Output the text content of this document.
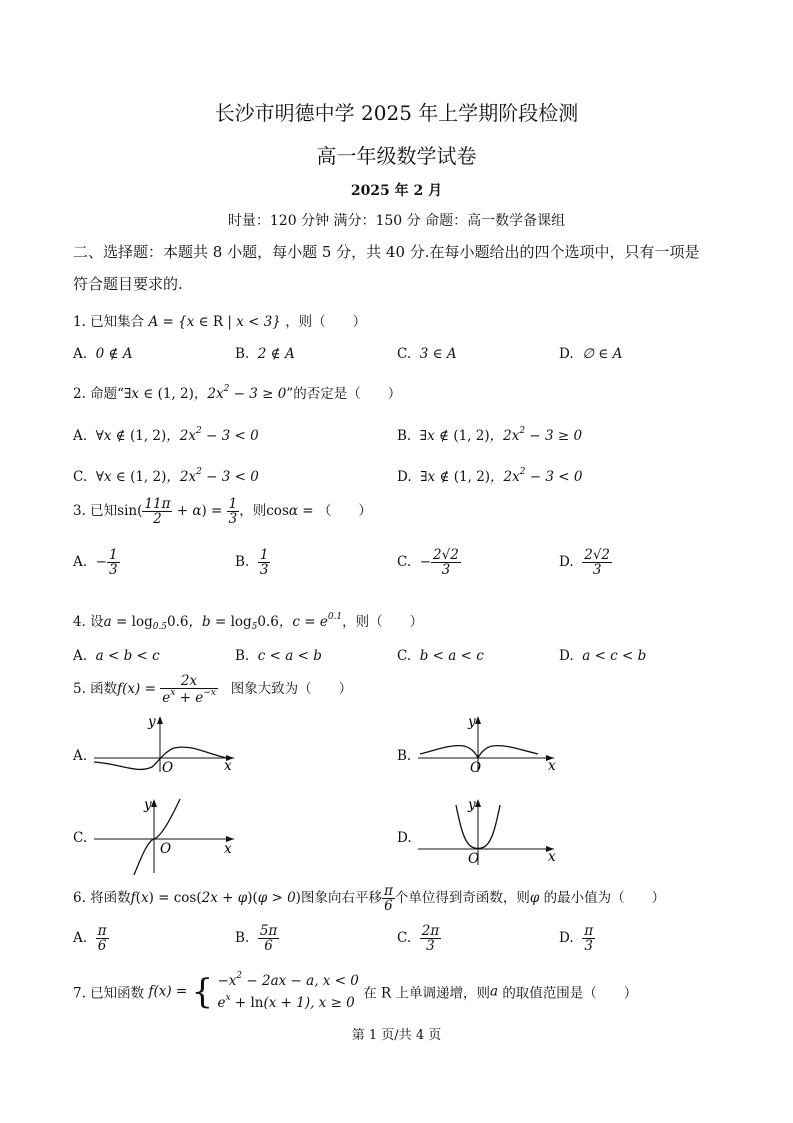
长沙市明德中学 2025 年上学期阶段检测
高一年级数学试卷
2025 年 2 月
时量：120 分钟 满分：150 分 命题：高一数学备课组
二、选择题：本题共 8 小题，每小题 5 分，共 40 分.在每小题给出的四个选项中，只有一项是
符合题目要求的.
1. 已知集合 A = {x ∈ R | x < 3} ，则（　　）
A.  0 ∉ A	B.  2 ∉ A	C.  3 ∈ A	D.  ∅ ∈ A
2. 命题“∃x ∈ (1, 2)，$2x^2 - 3 \ge 0$”的否定是（　　）
A.  ∀x ∉ (1, 2)，$2x^2 - 3 < 0$	B.  ∃x ∉ (1, 2)，$2x^2 - 3 \ge 0$
C.  ∀x ∈ (1, 2)，$2x^2 - 3 < 0$	D.  ∃x ∉ (1, 2)，$2x^2 - 3 < 0$
3. 已知$\sin( \frac{11\pi}{2} + \alpha) = \frac{1}{3}$ ，则cosα = （　　）
A.  − $\frac{1}{3}$	B. $\frac{1}{3}$	C.  − $\frac{2√2}{3}$	D. $\frac{2√2}{3}$
4. 设$a = \log_{0.5}0.6$，$b = \log_50.6$，$c = e^{0.1}$，则（　　）
A.  a < b < c	B.  c < a < b	C.  b < a < c	D.  a < c < b
5. 函数$f(x) = \frac{2x}{e^x + e^{-x}}$ 图象大致为（　　）
A.
y
O	x
B.
y
O	x
C.
y
O	x
D.
y
O	x
6. 将函数f(x) = cos(2x + φ)(φ > 0)图象向右平移 $\frac{\pi}{6}$ 个单位得到奇函数，则φ 的最小值为（　　）
A. $\frac{\pi}{6}$	B. $\frac{5\pi}{6}$	C. $\frac{2\pi}{3}$	D. $\frac{\pi}{3}$
7. 已知函数 f(x) = { $-x^2 - 2ax - a$, x < 0
$e^x + \ln(x + 1)$, x ≥ 0 在 R 上单调递增，则a 的取值范围是（　　）
第 1 页/共 4 页
